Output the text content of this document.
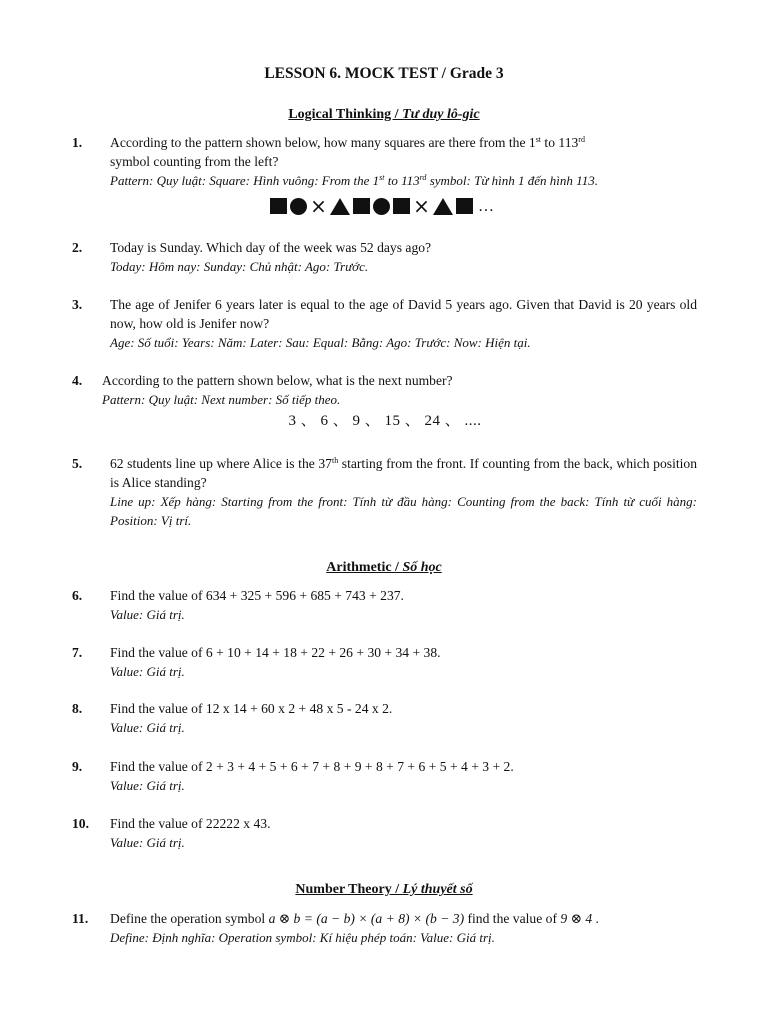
LESSON 6. MOCK TEST / Grade 3
Logical Thinking / Tư duy lô-gic
1. According to the pattern shown below, how many squares are there from the 1st to 113rd
symbol counting from the left?
Pattern: Quy luật: Square: Hình vuông: From the 1st to 113rd symbol: Từ hình 1 đến hình 113.
×	×	…
2. Today is Sunday. Which day of the week was 52 days ago?
Today: Hôm nay: Sunday: Chủ nhật: Ago: Trước.
3. The age of Jenifer 6 years later is equal to the age of David 5 years ago. Given that David is 20 years old now, how old is Jenifer now?
Age: Số tuổi: Years: Năm: Later: Sau: Equal: Bằng: Ago: Trước: Now: Hiện tại.
4. According to the pattern shown below, what is the next number?
Pattern: Quy luật: Next number: Số tiếp theo.
3 、 6 、 9 、 15 、 24 、 ....
5. 62 students line up where Alice is the 37th starting from the front. If counting from the back, which position is Alice standing?
Line up: Xếp hàng: Starting from the front: Tính từ đầu hàng: Counting from the back: Tính từ cuối hàng: Position: Vị trí.
Arithmetic / Số học
6. Find the value of 634 + 325 + 596 + 685 + 743 + 237.
Value: Giá trị.
7. Find the value of 6 + 10 + 14 + 18 + 22 + 26 + 30 + 34 + 38.
Value: Giá trị.
8. Find the value of 12 x 14 + 60 x 2 + 48 x 5 - 24 x 2.
Value: Giá trị.
9. Find the value of 2 + 3 + 4 + 5 + 6 + 7 + 8 + 9 + 8 + 7 + 6 + 5 + 4 + 3 + 2.
Value: Giá trị.
10. Find the value of 22222 x 43.
Value: Giá trị.
Number Theory / Lý thuyết số
11. Define the operation symbol a ⊗ b = (a − b) × (a + 8) × (b − 3) find the value of 9 ⊗ 4 .
Define: Định nghĩa: Operation symbol: Kí hiệu phép toán: Value: Giá trị.
